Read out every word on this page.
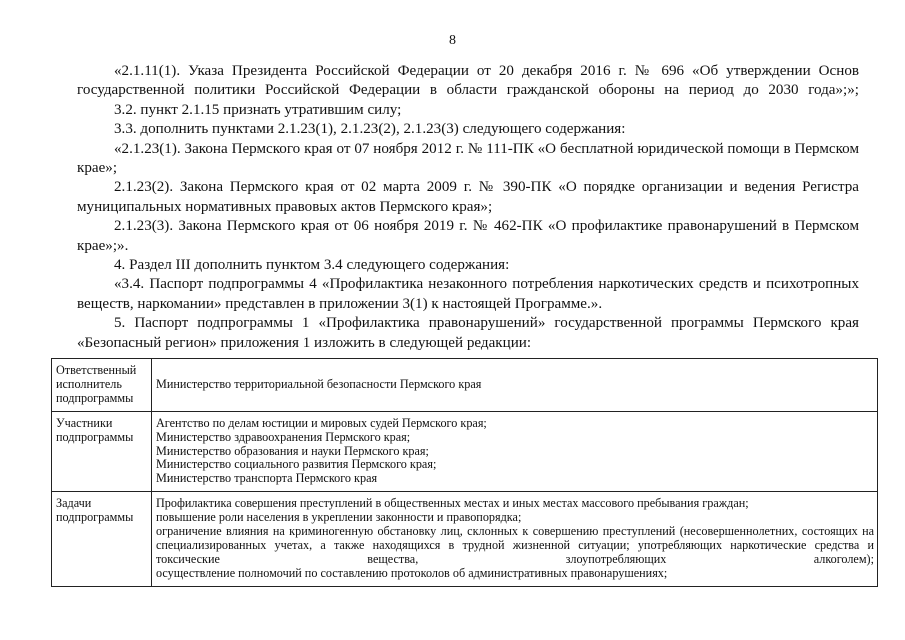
8

«2.1.11(1). Указа Президента Российской Федерации от 20 декабря 2016 г. № 696 «Об утверждении Основ государственной политики Российской Федерации в области гражданской обороны на период до 2030 года»;»;

3.2. пункт 2.1.15 признать утратившим силу;

3.3. дополнить пунктами 2.1.23(1), 2.1.23(2), 2.1.23(3) следующего содержания:

«2.1.23(1). Закона Пермского края от 07 ноября 2012 г. № 111-ПК «О бесплатной юридической помощи в Пермском крае»;

2.1.23(2). Закона Пермского края от 02 марта 2009 г. № 390-ПК «О порядке организации и ведения Регистра муниципальных нормативных правовых актов Пермского края»;

2.1.23(3). Закона Пермского края от 06 ноября 2019 г. № 462-ПК «О профилактике правонарушений в Пермском крае»;».

4. Раздел III дополнить пунктом 3.4 следующего содержания:

«3.4. Паспорт подпрограммы 4 «Профилактика незаконного потребления наркотических средств и психотропных веществ, наркомании» представлен в приложении 3(1) к настоящей Программе.».

5. Паспорт подпрограммы 1 «Профилактика правонарушений» государственной программы Пермского края «Безопасный регион» приложения 1 изложить в следующей редакции:

Ответственный исполнитель подпрограммы	Министерство территориальной безопасности Пермского края

Участники подпрограммы	Агентство по делам юстиции и мировых судей Пермского края;
Министерство здравоохранения Пермского края;
Министерство образования и науки Пермского края;
Министерство социального развития Пермского края;
Министерство транспорта Пермского края

Задачи подпрограммы	Профилактика совершения преступлений в общественных местах и иных местах массового пребывания граждан;
повышение роли населения в укреплении законности и правопорядка;
ограничение влияния на криминогенную обстановку лиц, склонных к совершению преступлений (несовершеннолетних, состоящих на специализированных учетах, а также находящихся в трудной жизненной ситуации; употребляющих наркотические средства и токсические вещества, злоупотребляющих алкоголем);
осуществление полномочий по составлению протоколов об административных правонарушениях;
